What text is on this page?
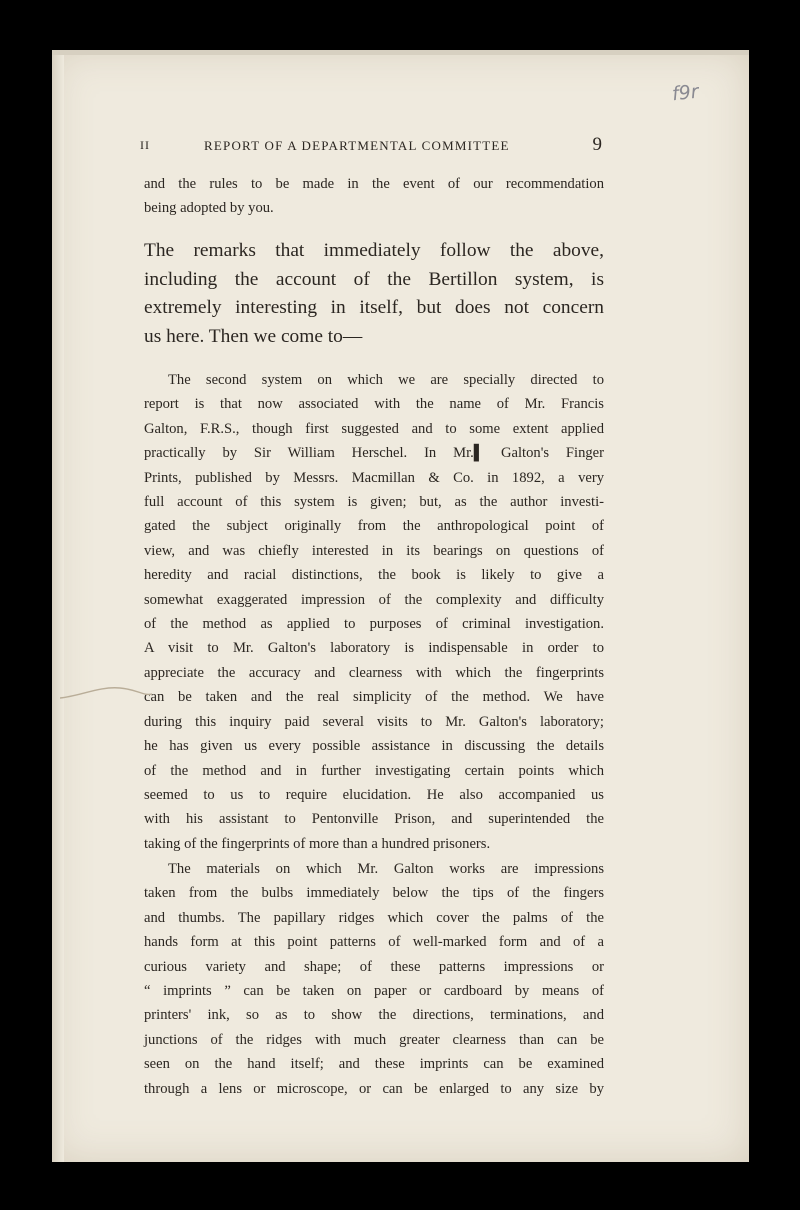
f9r
II	REPORT OF A DEPARTMENTAL COMMITTEE	9
and the rules to be made in the event of our recommendation
being adopted by you.
The remarks that immediately follow the above,
including the account of the Bertillon system, is
extremely interesting in itself, but does not concern
us here. Then we come to—
The second system on which we are specially directed to
report is that now associated with the name of Mr. Francis
Galton, F.R.S., though first suggested and to some extent applied
practically by Sir William Herschel. In Mr.▌ Galton's Finger
Prints, published by Messrs. Macmillan & Co. in 1892, a very
full account of this system is given; but, as the author investi-
gated the subject originally from the anthropological point of
view, and was chiefly interested in its bearings on questions of
heredity and racial distinctions, the book is likely to give a
somewhat exaggerated impression of the complexity and difficulty
of the method as applied to purposes of criminal investigation.
A visit to Mr. Galton's laboratory is indispensable in order to
appreciate the accuracy and clearness with which the fingerprints
can be taken and the real simplicity of the method. We have
during this inquiry paid several visits to Mr. Galton's laboratory;
he has given us every possible assistance in discussing the details
of the method and in further investigating certain points which
seemed to us to require elucidation. He also accompanied us
with his assistant to Pentonville Prison, and superintended the
taking of the fingerprints of more than a hundred prisoners.
The materials on which Mr. Galton works are impressions
taken from the bulbs immediately below the tips of the fingers
and thumbs. The papillary ridges which cover the palms of the
hands form at this point patterns of well-marked form and of a
curious variety and shape; of these patterns impressions or
“ imprints ” can be taken on paper or cardboard by means of
printers' ink, so as to show the directions, terminations, and
junctions of the ridges with much greater clearness than can be
seen on the hand itself; and these imprints can be examined
through a lens or microscope, or can be enlarged to any size by
